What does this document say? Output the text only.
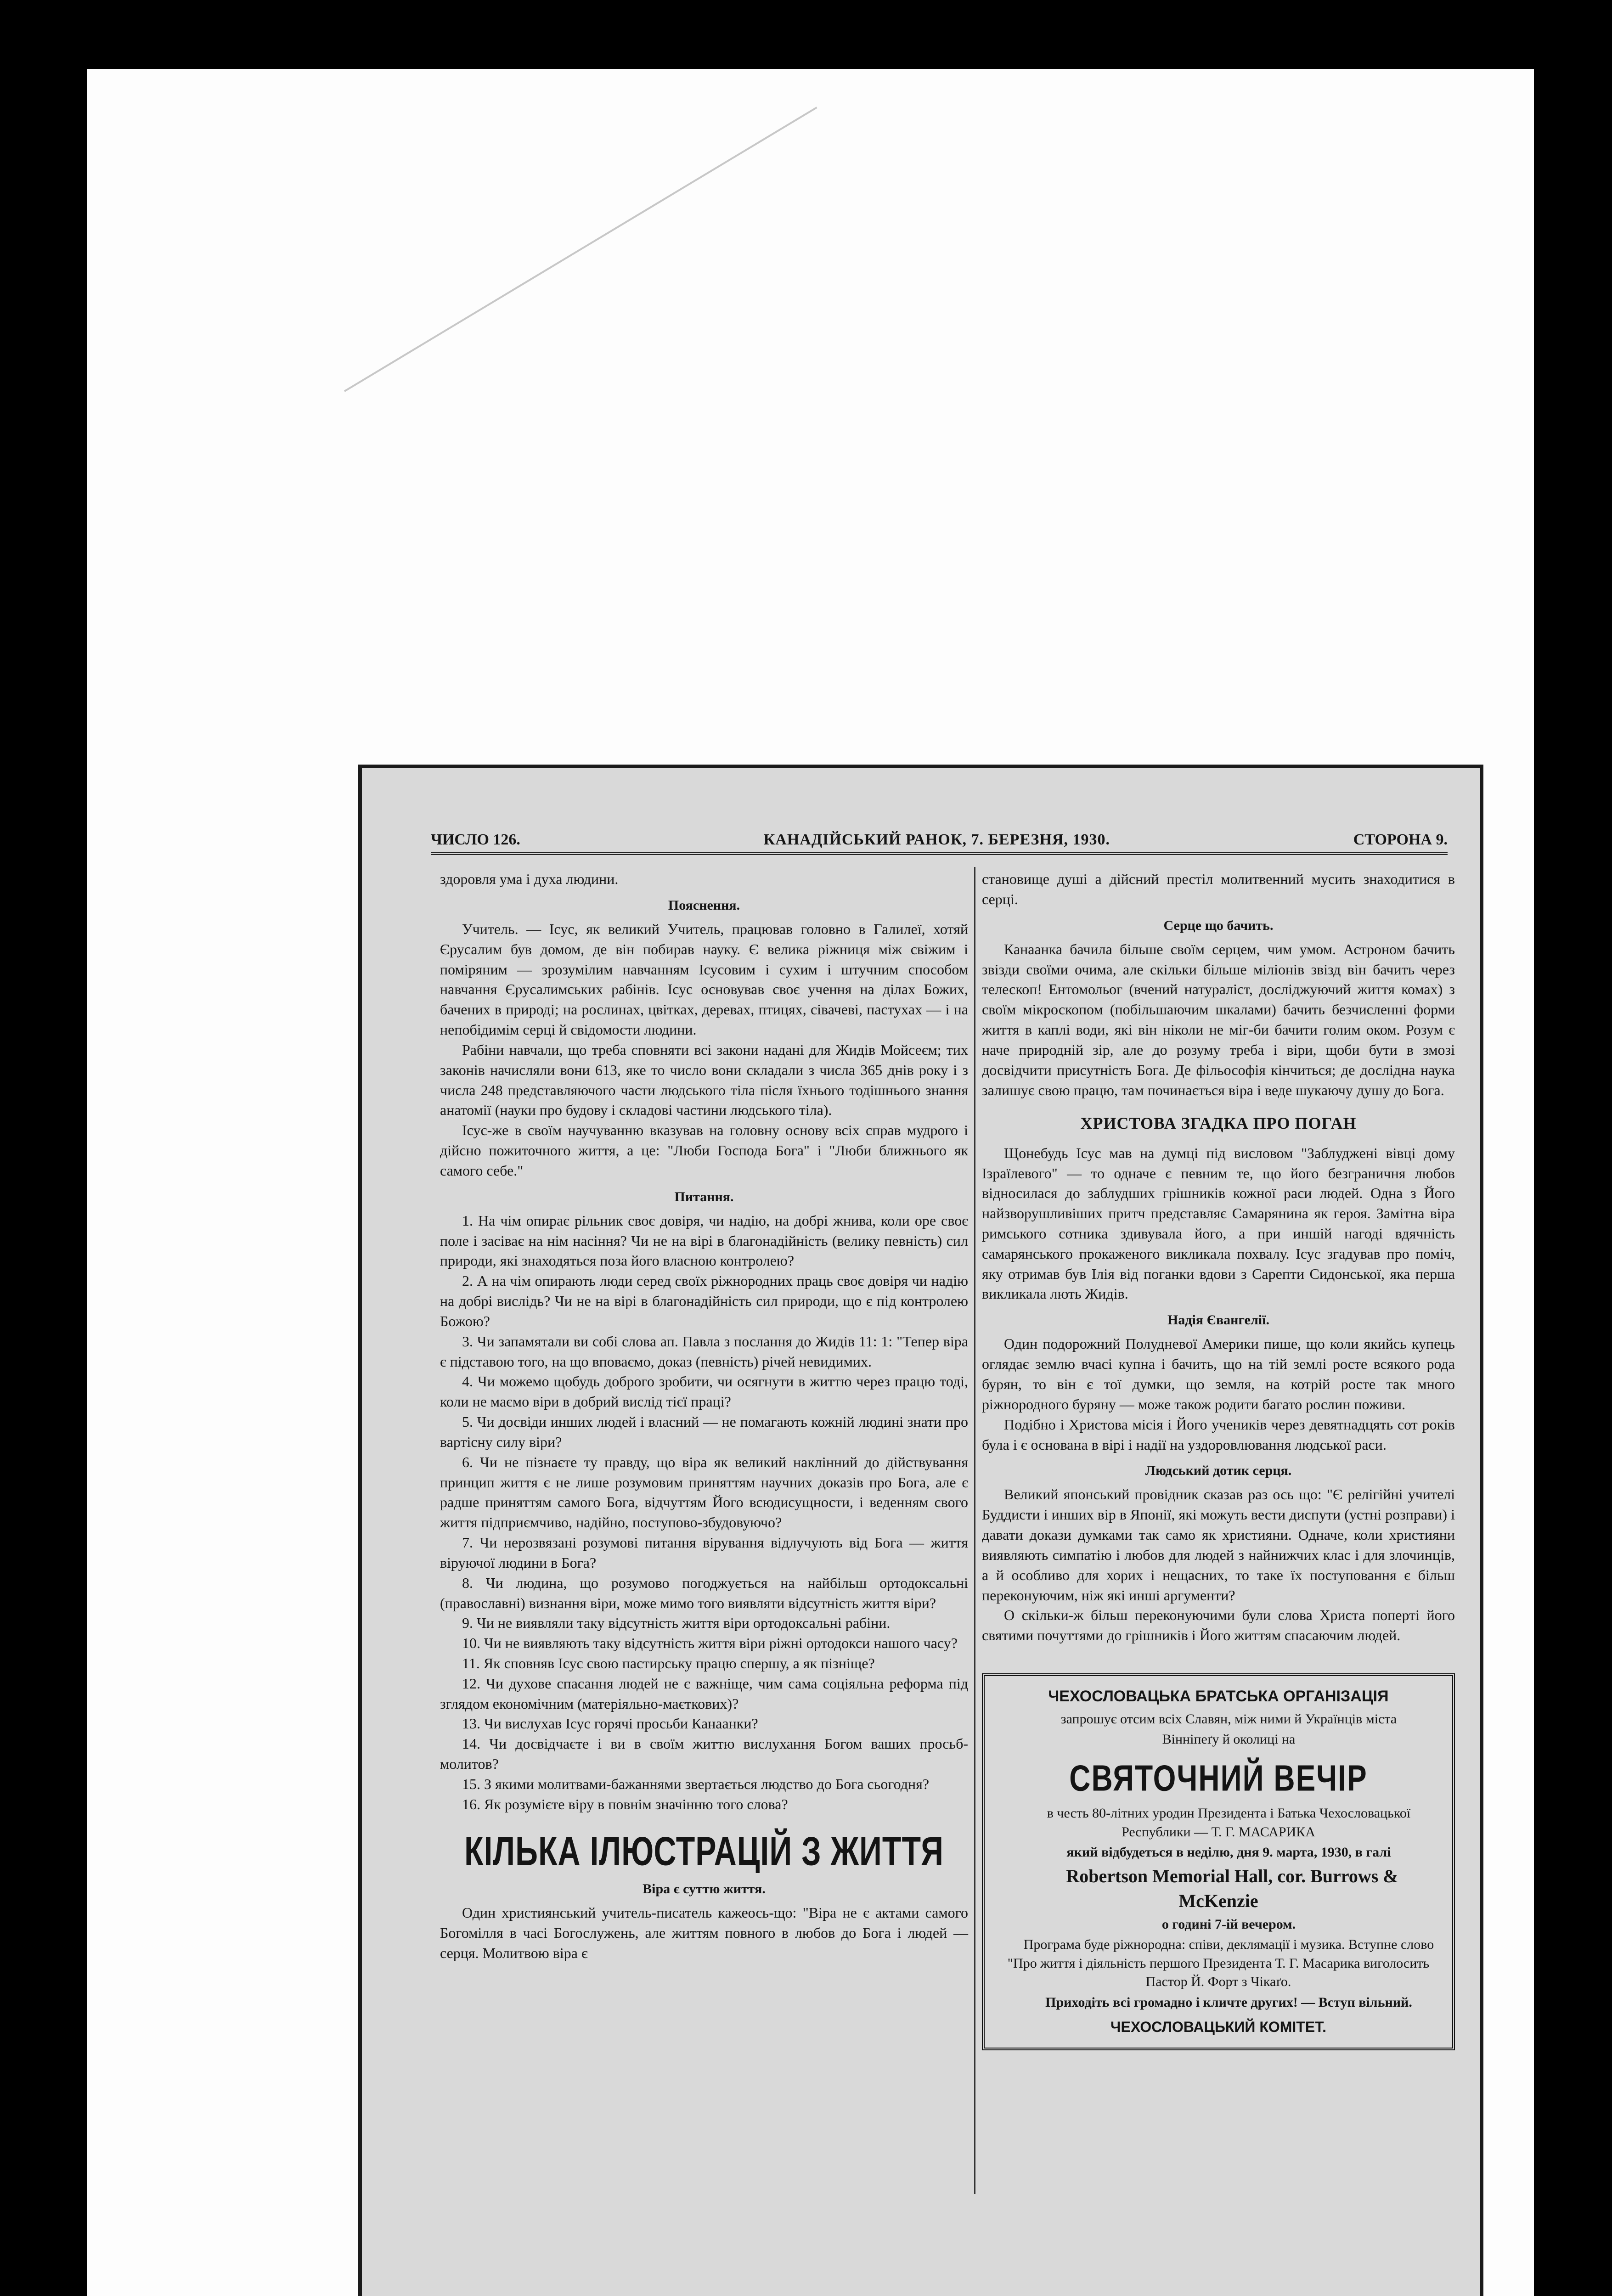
ЧИСЛО 126.	КАНАДІЙСЬКИЙ РАНОК, 7. БЕРЕЗНЯ, 1930.	СТОРОНА 9.

здоровля ума і духа людини.

Пояснення.

Учитель. — Ісус, як великий Учитель, працював головно в Галилеї, хотяй Єрусалим був домом, де він побирав науку. Є велика ріжниця між свіжим і поміряним — зрозумілим навчанням Ісусовим і сухим і штучним способом навчання Єрусалимських рабінів. Ісус основував своє учення на ділах Божих, бачених в природі; на рослинах, цвітках, деревах, птицях, сівачеві, пастухах — і на непобідимім серці й свідомости людини.

Рабіни навчали, що треба сповняти всі закони надані для Жидів Мойсеєм; тих законів начисляли вони 613, яке то число вони складали з числа 365 днів року і з числа 248 представляючого части людського тіла після їхнього тодішнього знання анатомії (науки про будову і складові частини людського тіла).

Ісус-же в своїм научуванню вказував на головну основу всіх справ мудрого і дійсно пожиточного життя, а це: "Люби Господа Бога" і "Люби ближнього як самого себе."

Питання.

1. На чім опирає рільник своє довіря, чи надію, на добрі жнива, коли оре своє поле і засіває на нім насіння? Чи не на вірі в благонадійність (велику певність) сил природи, які знаходяться поза його власною контролею?

2. А на чім опирають люди серед своїх ріжнородних праць своє довіря чи надію на добрі вислідь? Чи не на вірі в благонадійність сил природи, що є під контролею Божою?

3. Чи запамятали ви собі слова ап. Павла з послання до Жидів 11: 1: "Тепер віра є підставою того, на що вповаємо, доказ (певність) річей невидимих.

4. Чи можемо щобудь доброго зробити, чи осягнути в життю через працю тоді, коли не маємо віри в добрий вислід тієї праці?

5. Чи досвіди инших людей і власний — не помагають кожній людині знати про вартісну силу віри?

6. Чи не пізнаєте ту правду, що віра як великий наклінний до дійствування принцип життя є не лише розумовим приняттям научних доказів про Бога, але є радше приняттям самого Бога, відчуттям Його всюдисущности, і веденням свого життя підприємчиво, надійно, поступово-збудовуючо?

7. Чи нерозвязані розумові питання вірування відлучують від Бога — життя віруючої людини в Бога?

8. Чи людина, що розумово погоджується на найбільш ортодоксальні (православні) визнання віри, може мимо того виявляти відсутність життя віри?

9. Чи не виявляли таку відсутність життя віри ортодоксальні рабіни.

10. Чи не виявляють таку відсутність життя віри ріжні ортодокси нашого часу?

11. Як сповняв Ісус свою пастирську працю спершу, а як пізніще?

12. Чи духове спасання людей не є важніще, чим сама соціяльна реформа під зглядом економічним (матеріяльно-маєткових)?

13. Чи вислухав Ісус горячі просьби Канаанки?

14. Чи досвідчаєте і ви в своїм життю вислухання Богом ваших просьб-молитов?

15. З якими молитвами-бажаннями звертається людство до Бога сьогодня?

16. Як розумієте віру в повнім значінню того слова?

КІЛЬКА ІЛЮСТРАЦІЙ З ЖИТТЯ
Віра є суттю життя.

Один християнський учитель-писатель кажеось-що: "Віра не є актами самого Богомілля в часі Богослужень, але життям повного в любов до Бога і людей — серця. Молитвою віра є

становище душі а дійсний престіл молитвенний мусить знаходитися в серці.

Серце що бачить.

Канаанка бачила більше своїм серцем, чим умом. Астроном бачить звізди своїми очима, але скільки більше міліонів звізд він бачить через телескоп! Ентомольог (вчений натураліст, досліджуючий життя комах) з своїм мікроскопом (побільшаючим шкалами) бачить безчисленні форми життя в каплі води, які він ніколи не міг-би бачити голим оком. Розум є наче природній зір, але до розуму треба і віри, щоби бути в змозі досвідчити присутність Бога. Де фільософія кінчиться; де дослідна наука залишує свою працю, там починається віра і веде шукаючу душу до Бога.

ХРИСТОВА ЗГАДКА ПРО ПОГАН

Щонебудь Ісус мав на думці під висловом "Заблуджені вівці дому Ізраїлевого" — то одначе є певним те, що його безграничня любов відносилася до заблудших грішників кожної раси людей. Одна з Його найзворушливіших притч представляє Самарянина як героя. Замітна віра римського сотника здивувала його, а при иншій нагоді вдячність самарянського прокаженого викликала похвалу. Ісус згадував про поміч, яку отримав був Ілія від поганки вдови з Сарепти Сидонської, яка перша викликала лють Жидів.

Надія Євангелії.

Один подорожний Полудневої Америки пише, що коли якийсь купець оглядає землю вчасі купна і бачить, що на тій землі росте всякого рода бурян, то він є тої думки, що земля, на котрій росте так много ріжнородного буряну — може також родити багато рослин поживи.

Подібно і Христова місія і Його учеників через девятнадцять сот років була і є основана в вірі і надії на уздоровлювання людської раси.

Людський дотик серця.

Великий японський провідник сказав раз ось що: "Є релігійні учителі Буддисти і инших вір в Японії, які можуть вести диспути (устні розправи) і давати докази думками так само як християни. Одначе, коли християни виявляють симпатію і любов для людей з найнижчих клас і для злочинців, а й особливо для хорих і нещасних, то таке їх поступовання є більш переконуючим, ніж які инші аргументи?

О скільки-ж більш переконуючими були слова Христа поперті його святими почуттями до грішників і Його життям спасаючим людей.

ЧЕХОСЛОВАЦЬКА БРАТСЬКА ОРГАНІЗАЦІЯ

запрошує отсим всіх Славян, між ними й Українців міста

Вінніпеґу й околиці на

СВЯТОЧНИЙ ВЕЧІР

в честь 80-літних уродин Президента і Батька Чехословацької Республики — Т. Г. МАСАРИКА

який відбудеться в неділю, дня 9. марта, 1930, в галі

Robertson Memorial Hall, cor. Burrows & McKenzie

о годині 7-ій вечером.

Програма буде ріжнородна: співи, деклямації і музика. Вступне слово "Про життя і діяльність першого Президента Т. Г. Масарика виголосить Пастор Й. Форт з Чікаґо.

Приходіть всі громадно і кличте других! — Вступ вільний.

ЧЕХОСЛОВАЦЬКИЙ КОМІТЕТ.
